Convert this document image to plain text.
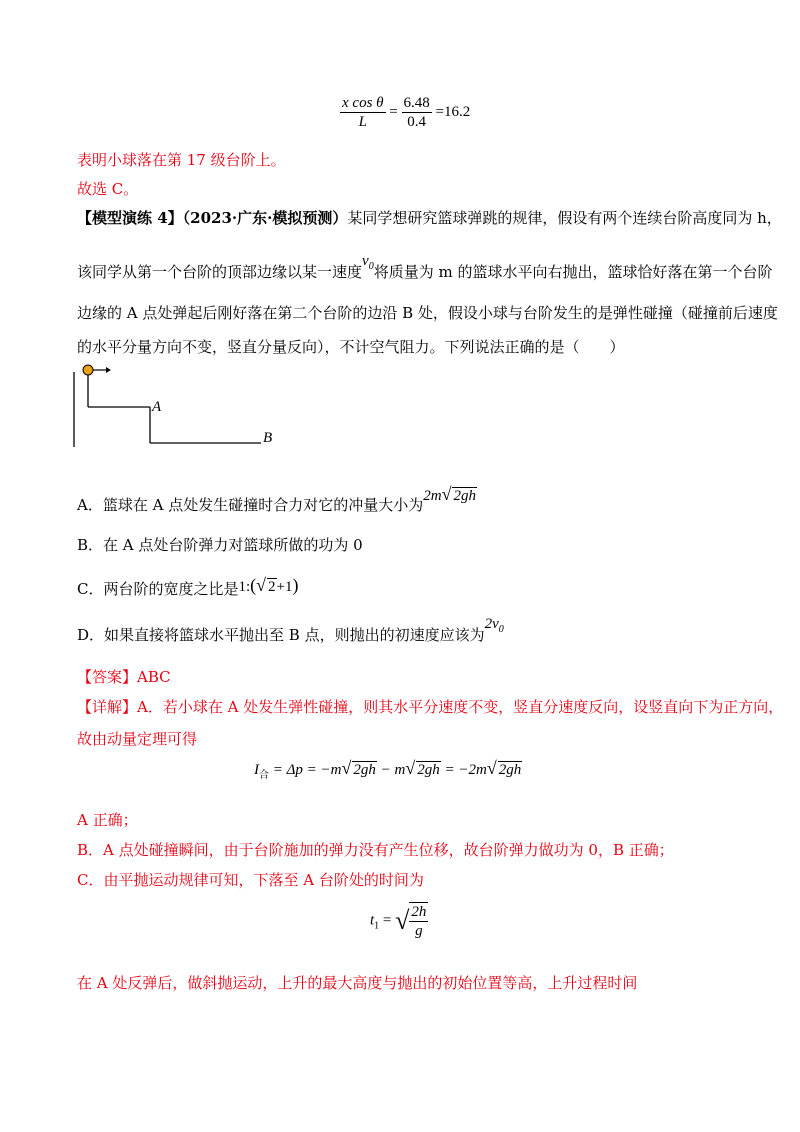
$\frac{\text{x cos θ}}{L} = \frac{6.48}{0.4} =16.2$
表明小球落在第 17 级台阶上。
故选 C。
【模型演练 4】（2023·广东·模拟预测）某同学想研究篮球弹跳的规律，假设有两个连续台阶高度同为 h，
该同学从第一个台阶的顶部边缘以某一速度$v_0$将质量为 m 的篮球水平向右抛出，篮球恰好落在第一个台阶
边缘的 A 点处弹起后刚好落在第二个台阶的边沿 B 处，假设小球与台阶发生的是弹性碰撞（碰撞前后速度
的水平分量方向不变，竖直分量反向），不计空气阻力。下列说法正确的是（　　）
A
B
A．篮球在 A 点处发生碰撞时合力对它的冲量大小为2m√ 2gh
B．在 A 点处台阶弹力对篮球所做的功为 0
C．两台阶的宽度之比是1:(√ 2+1)
D．如果直接将篮球水平抛出至 B 点，则抛出的初速度应该为$2v_0$
【答案】ABC
【详解】A．若小球在 A 处发生弹性碰撞，则其水平分速度不变，竖直分速度反向，设竖直向下为正方向，
故由动量定理可得
$I_合 = \Delta p = -m√$ 2gh − m√ 2gh = −2m√ 2gh
A 正确；
B．A 点处碰撞瞬间，由于台阶施加的弹力没有产生位移，故台阶弹力做功为 0，B 正确；
C．由平抛运动规律可知，下落至 A 台阶处的时间为
$t_1$ = √ $\frac{2h}{g}$
在 A 处反弹后，做斜抛运动，上升的最大高度与抛出的初始位置等高，上升过程时间
